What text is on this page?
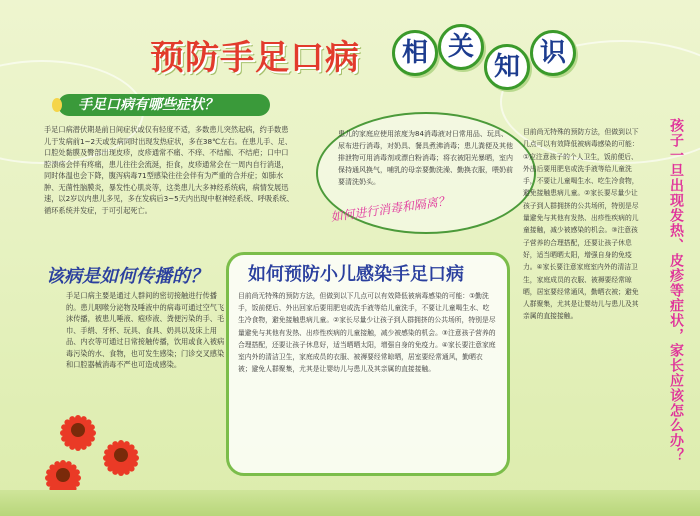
预防手足口病	相 关
知 识
手足口病有哪些症状？
手足口病潜伏期是前日间症状或仅有轻度不适，多数患儿突然起病，约手数患儿于发病前1~2天或发病同时出现发热症状，多在38℃左右。在患儿手、足、口腔处黏膜及臀部出现皮疹，皮疹通常不痛、不痒、不结痂、不结疤；口中口腔溃疡会伴有疼痛，患儿往往会流涎，拒食，皮疹通常会在一周内自行消退，同时体温也会下降，腹泻病毒71型感染往往会伴有为严重的合并症；如肺水肿、无菌性脑膜炎，暴发性心肌炎等，这类患儿大多神经系统病，病情发展迅速，以2岁以内患儿多见，多在发病后3~5天内出现中枢神经系统、呼吸系统、循环系统并发症，于可引起死亡。
该病是如何传播的？
手足口病主要是通过人群间的密切接触进行传播的。患儿咽喉分泌物及唾液中的病毒可通过空气飞沫传播，被患儿唾液、疱疹液、粪便污染的手、毛巾、手绢、牙杯、玩具、食具、奶具以及床上用品、内衣等可通过日常接触传播，饮用或食入被病毒污染的水、食物，也可发生感染；门诊交叉感染和口腔器械消毒不严也可造成感染。
患儿的家庭应使用浓度为84消毒液对日常用品、玩具、尿布进行消毒，对奶具、餐具煮沸消毒；患儿粪便及其他排泄物可用消毒剂或漂白粉消毒；将衣被阳光暴晒，室内保持通风换气，哺乳的母亲要勤洗澡、勤换衣服，喂奶前要清洗奶头。
如何进行消毒和隔离？
如何预防小儿感染手足口病
目前尚无特殊的预防方法，但做到以下几点可以有效降低被病毒感染的可能：①勤洗手，饭前便后、外出回家后要用肥皂或洗手液等给儿童洗手，不要让儿童喝生水、吃生冷食物，避免接触患病儿童。②家长尽量少让孩子到人群拥挤的公共场所，特别是尽量避免与其他有发热、出疹性疾病的儿童接触，减少被感染的机会。③注意孩子营养的合理搭配，还要让孩子休息好，适当晒晒太阳，增强自身的免疫力。④家长要注意家庭室内外的清洁卫生，家庭成员的衣服、被褥要经常晾晒，居室要经常通风，勤晒衣被；避免人群聚集，尤其是让婴幼儿与患儿及其亲属的直接接触。
目前尚无特殊的预防方法，但做到以下几点可以有效降低被病毒感染的可能：①应注意孩子的个人卫生，饭前便后、外出后要用肥皂或洗手液等给儿童洗手，不要让儿童喝生水、吃生冷食物，避免接触患病儿童。②家长要尽量少让孩子到人群拥挤的公共场所，特别是尽量避免与其他有发热、出疹性疾病的儿童接触，减少被感染的机会。③注意孩子营养的合理搭配，还要让孩子休息好，适当晒晒太阳，增强自身的免疫力。④家长要注意家庭室内外的清洁卫生，家庭成员的衣服、被褥要经常晾晒，居室要经常通风，勤晒衣被；避免人群聚集，尤其是让婴幼儿与患儿及其亲属的直接接触。	孩子一旦出现发热、皮疹等症状，家长应该怎么办？
